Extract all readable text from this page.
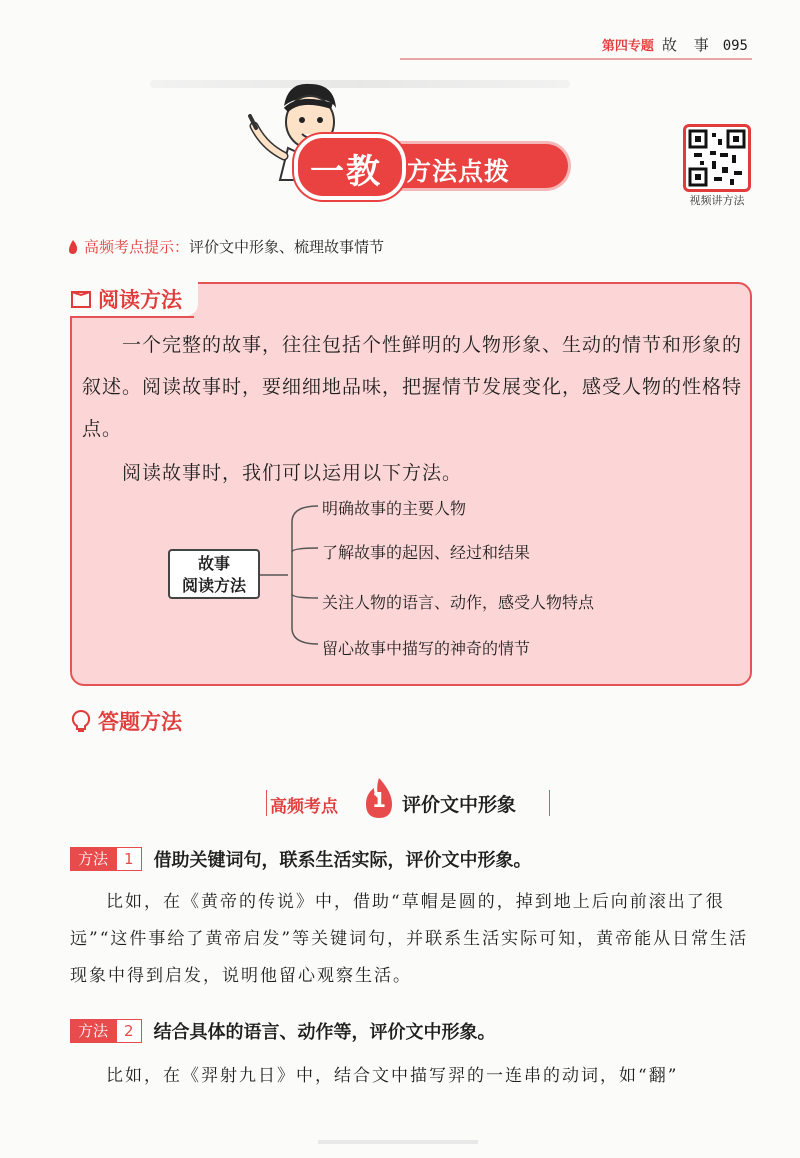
第四专题 故 事 095
方法点拨
一教
视频讲方法
高频考点提示： 评价文中形象、梳理故事情节
阅读方法

一个完整的故事，往往包括个性鲜明的人物形象、生动的情节和形象的叙述。阅读故事时，要细细地品味，把握情节发展变化，感受人物的性格特点。

阅读故事时，我们可以运用以下方法。

故事
阅读方法
明确故事的主要人物
了解故事的起因、经过和结果
关注人物的语言、动作，感受人物特点
留心故事中描写的神奇的情节
答题方法
高频考点	1 评价文中形象
方法	1	借助关键词句，联系生活实际，评价文中形象。

比如，在《黄帝的传说》中，借助“草帽是圆的，掉到地上后向前滚出了很远”“这件事给了黄帝启发”等关键词句，并联系生活实际可知，黄帝能从日常生活现象中得到启发，说明他留心观察生活。

方法	2	结合具体的语言、动作等，评价文中形象。

比如，在《羿射九日》中，结合文中描写羿的一连串的动词，如“翻”
